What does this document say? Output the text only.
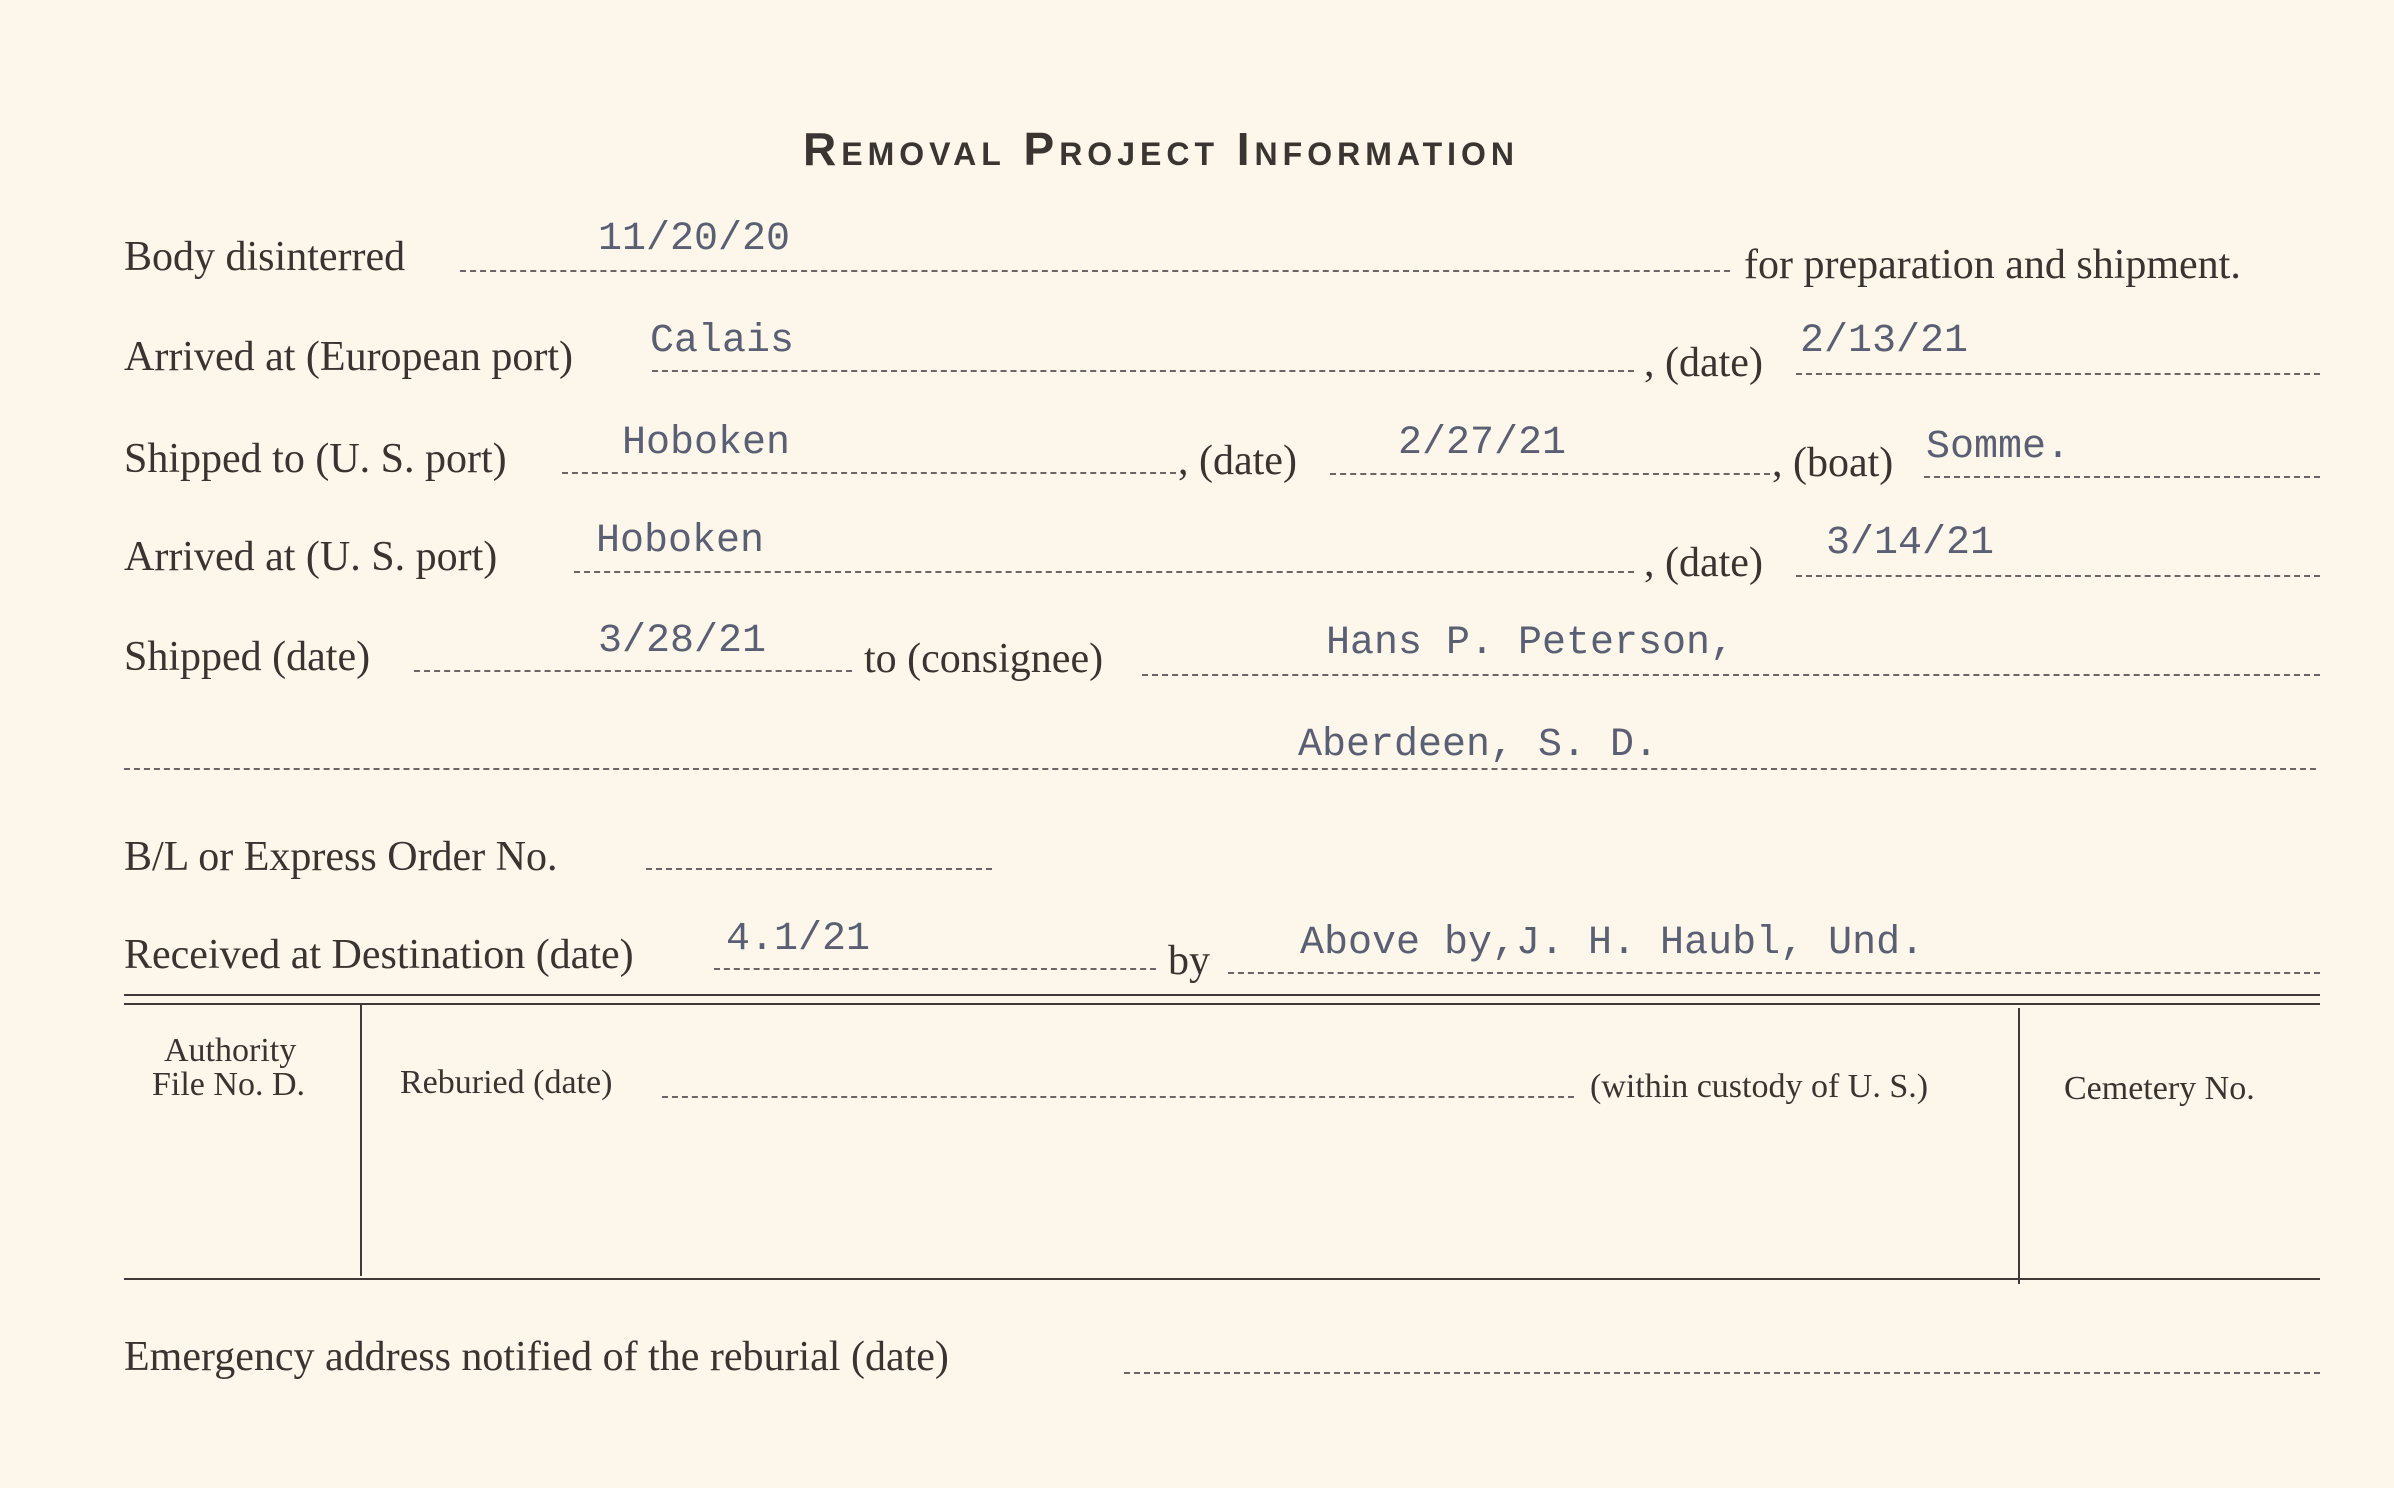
Removal Project Information
Body disinterred	11/20/20
for preparation and shipment.
Arrived at (European port) Calais	, (date) 2/13/21
Shipped to (U. S. port)	Hoboken	, (date)	2/27/21	, (boat) Somme.
Arrived at (U. S. port) Hoboken	, (date) 3/14/21
Shipped (date)	3/28/21 to (consignee)	Hans P. Peterson,
Aberdeen, S. D.
B/L or Express Order No.
Received at Destination (date) 4.1/21	by Above by,J. H. Haubl, Und.
Authority
File No. D.	Reburied (date)	(within custody of U. S.)	Cemetery No.
Emergency address notified of the reburial (date)
